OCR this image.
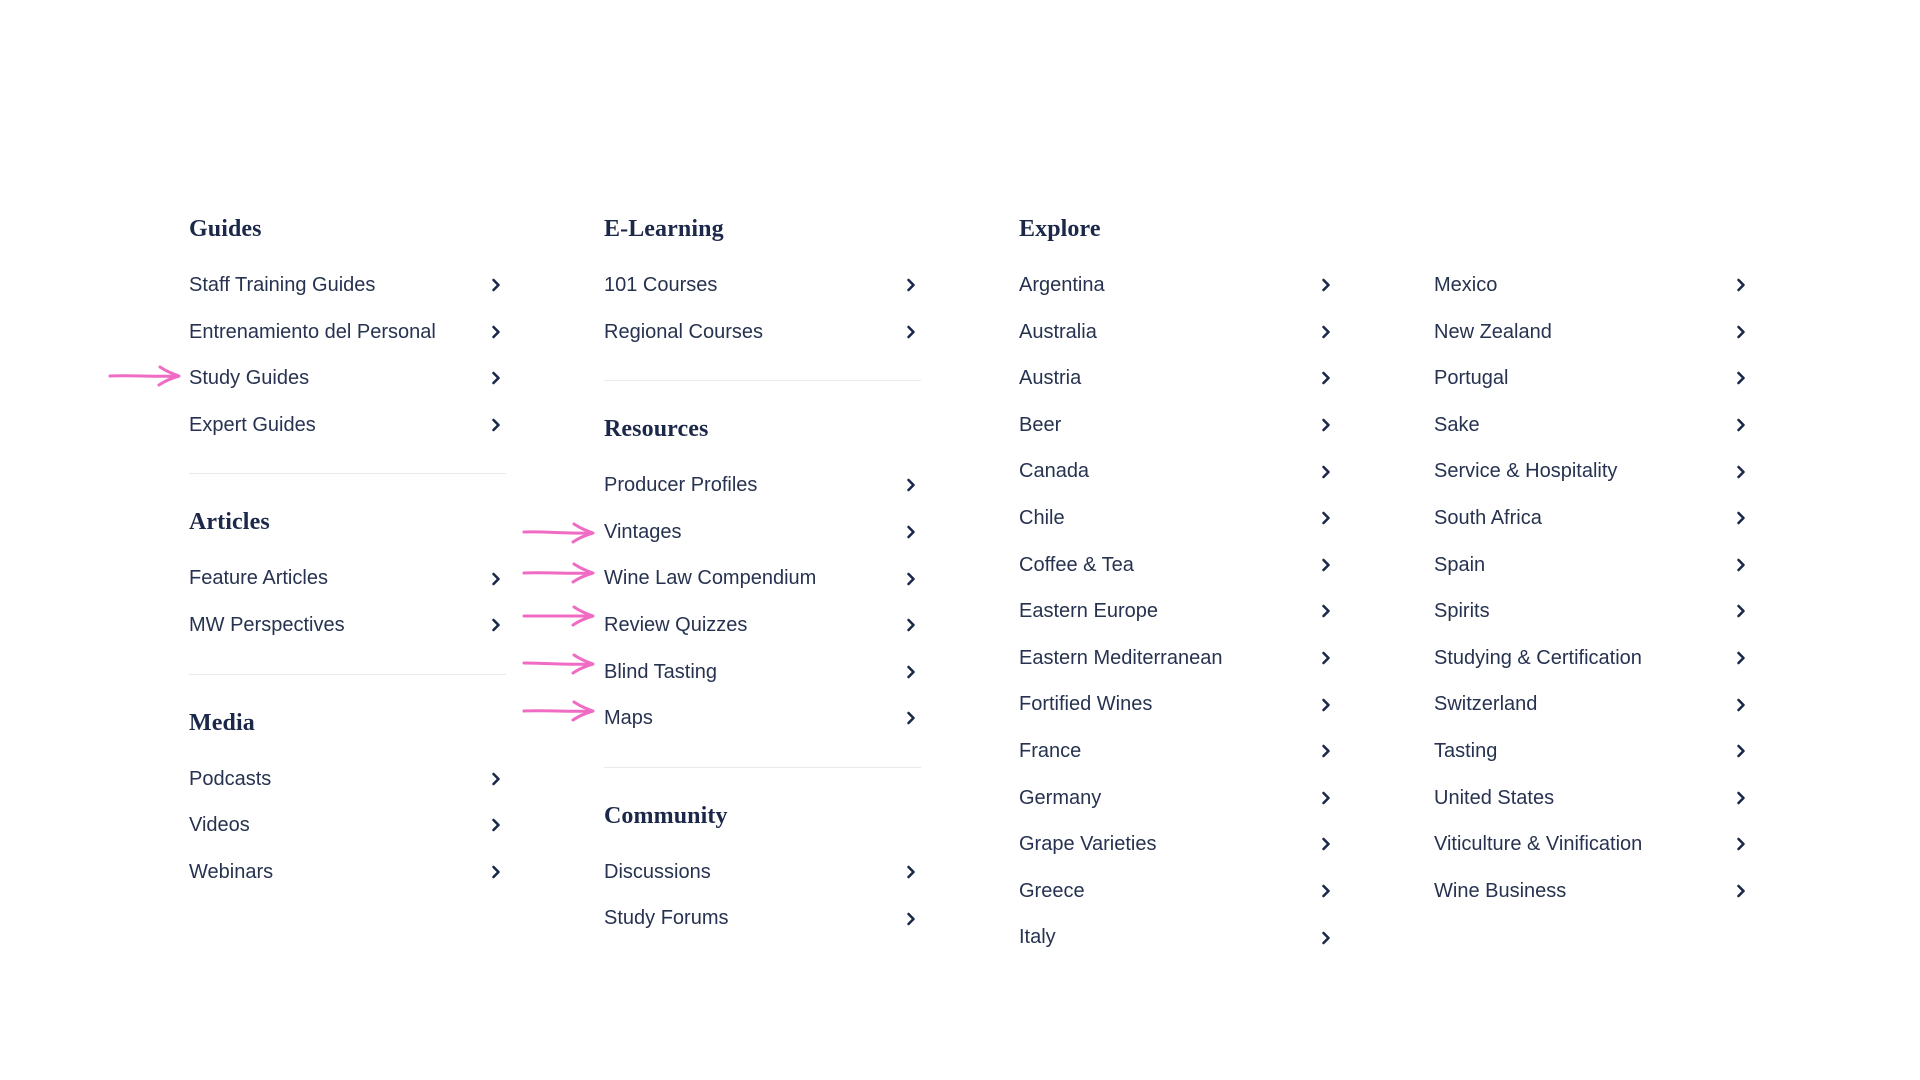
Guides
Staff Training Guides
Entrenamiento del Personal
Study Guides
Expert Guides
Articles
Feature Articles
MW Perspectives
Media
Podcasts
Videos
Webinars
E-Learning
101 Courses
Regional Courses
Resources
Producer Profiles
Vintages
Wine Law Compendium
Review Quizzes
Blind Tasting
Maps
Community
Discussions
Study Forums
Explore
Argentina
Australia
Austria
Beer
Canada
Chile
Coffee & Tea
Eastern Europe
Eastern Mediterranean
Fortified Wines
France
Germany
Grape Varieties
Greece
Italy
Mexico
New Zealand
Portugal
Sake
Service & Hospitality
South Africa
Spain
Spirits
Studying & Certification
Switzerland
Tasting
United States
Viticulture & Vinification
Wine Business
